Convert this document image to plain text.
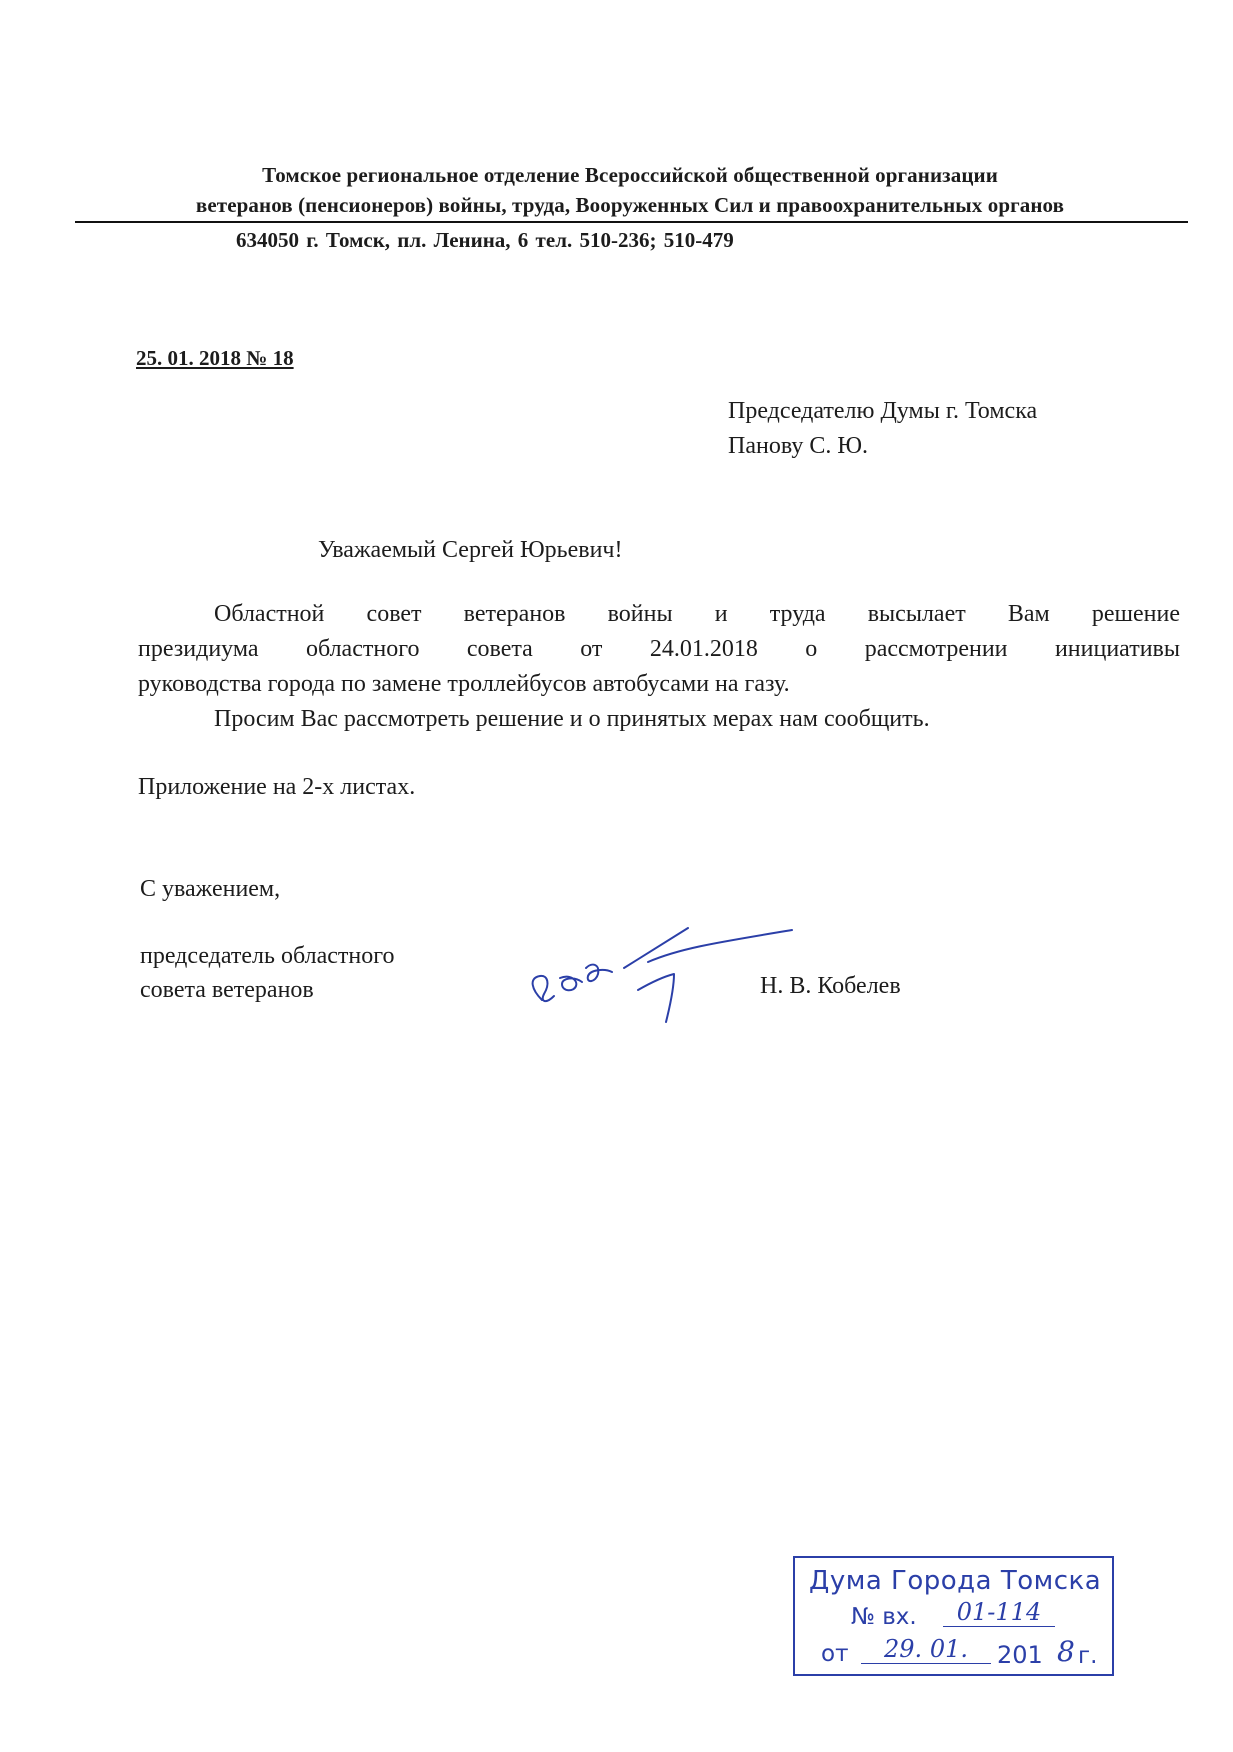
Томское региональное отделение Всероссийской общественной организации
ветеранов (пенсионеров) войны, труда, Вооруженных Сил и правоохранительных органов
634050 г. Томск, пл. Ленина, 6 тел. 510-236; 510-479
25. 01. 2018 № 18
Председателю Думы г. Томска
Панову С. Ю.
Уважаемый Сергей Юрьевич!
Областной совет ветеранов войны и труда высылает Вам решение
президиума областного совета от 24.01.2018 о рассмотрении инициативы
руководства города по замене троллейбусов автобусами на газу.
Просим Вас рассмотреть решение и о принятых мерах нам сообщить.
Приложение на 2-х листах.
С уважением,
председатель областного
совета ветеранов	Н. В. Кобелев
Дума Города Томска
№ вх.	01-114
от	29. 01.	201 8 г.
